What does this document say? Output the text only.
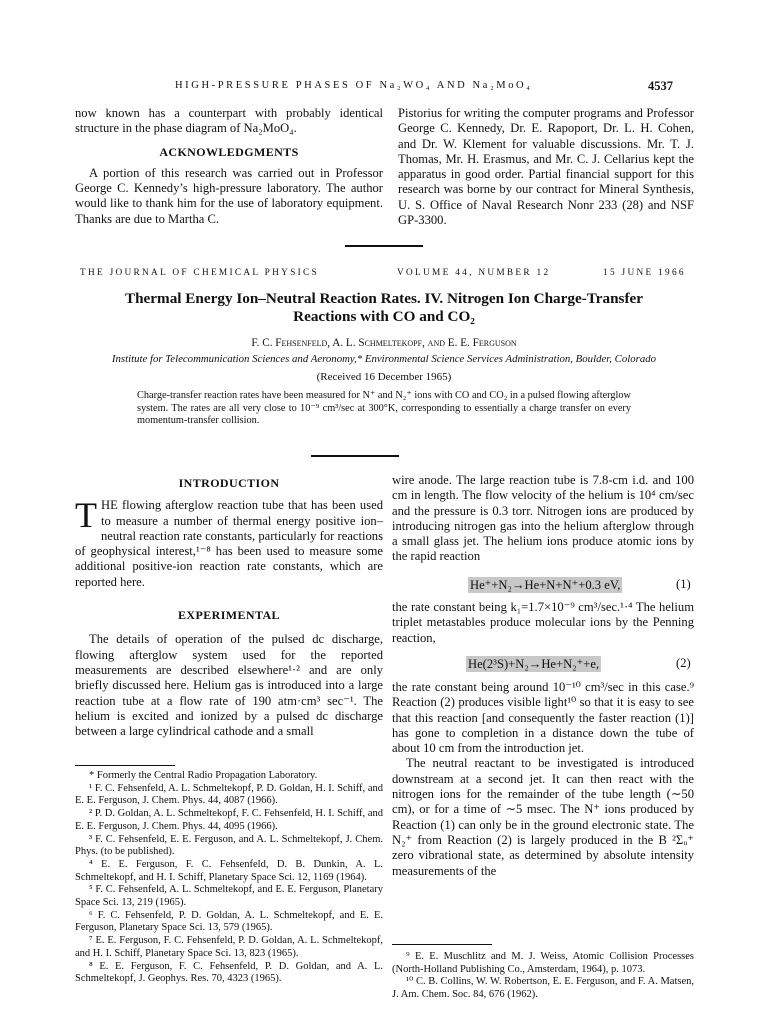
HIGH-PRESSURE PHASES OF Na₂WO₄ AND Na₂MoO₄	4537

now known has a counterpart with probably identical structure in the phase diagram of Na₂MoO₄.

ACKNOWLEDGMENTS

A portion of this research was carried out in Professor George C. Kennedy’s high-pressure laboratory. The author would like to thank him for the use of laboratory equipment. Thanks are due to Martha C.

Pistorius for writing the computer programs and Professor George C. Kennedy, Dr. E. Rapoport, Dr. L. H. Cohen, and Dr. W. Klement for valuable discussions. Mr. T. J. Thomas, Mr. H. Erasmus, and Mr. C. J. Cellarius kept the apparatus in good order. Partial financial support for this research was borne by our contract for Mineral Synthesis, U. S. Office of Naval Research Nonr 233 (28) and NSF GP-3300.

THE JOURNAL OF CHEMICAL PHYSICS	VOLUME 44, NUMBER 12	15 JUNE 1966
Thermal Energy Ion–Neutral Reaction Rates. IV. Nitrogen Ion Charge-Transfer
Reactions with CO and CO₂
F. C. Fehsenfeld, A. L. Schmeltekopf, and E. E. Ferguson
Institute for Telecommunication Sciences and Aeronomy,* Environmental Science Services Administration, Boulder, Colorado
(Received 16 December 1965)
Charge-transfer reaction rates have been measured for N⁺ and N₂⁺ ions with CO and CO₂ in a pulsed flowing afterglow system. The rates are all very close to 10⁻⁹ cm³/sec at 300°K, corresponding to essentially a charge transfer on every momentum-transfer collision.

INTRODUCTION

THE flowing afterglow reaction tube that has been used to measure a number of thermal energy positive ion–neutral reaction rate constants, particularly for reactions of geophysical interest,¹⁻⁸ has been used to measure some additional positive-ion reaction rate constants, which are reported here.

EXPERIMENTAL

The details of operation of the pulsed dc discharge, flowing afterglow system used for the reported measurements are described elsewhere¹·² and are only briefly discussed here. Helium gas is introduced into a large reaction tube at a flow rate of 190 atm·cm³ sec⁻¹. The helium is excited and ionized by a pulsed dc discharge between a large cylindrical cathode and a small

* Formerly the Central Radio Propagation Laboratory.

¹ F. C. Fehsenfeld, A. L. Schmeltekopf, P. D. Goldan, H. I. Schiff, and E. E. Ferguson, J. Chem. Phys. 44, 4087 (1966).

² P. D. Goldan, A. L. Schmeltekopf, F. C. Fehsenfeld, H. I. Schiff, and E. E. Ferguson, J. Chem. Phys. 44, 4095 (1966).

³ F. C. Fehsenfeld, E. E. Ferguson, and A. L. Schmeltekopf, J. Chem. Phys. (to be published).

⁴ E. E. Ferguson, F. C. Fehsenfeld, D. B. Dunkin, A. L. Schmeltekopf, and H. I. Schiff, Planetary Space Sci. 12, 1169 (1964).

⁵ F. C. Fehsenfeld, A. L. Schmeltekopf, and E. E. Ferguson, Planetary Space Sci. 13, 219 (1965).

⁶ F. C. Fehsenfeld, P. D. Goldan, A. L. Schmeltekopf, and E. E. Ferguson, Planetary Space Sci. 13, 579 (1965).

⁷ E. E. Ferguson, F. C. Fehsenfeld, P. D. Goldan, A. L. Schmeltekopf, and H. I. Schiff, Planetary Space Sci. 13, 823 (1965).

⁸ E. E. Ferguson, F. C. Fehsenfeld, P. D. Goldan, and A. L. Schmeltekopf, J. Geophys. Res. 70, 4323 (1965).

wire anode. The large reaction tube is 7.8-cm i.d. and 100 cm in length. The flow velocity of the helium is 10⁴ cm/sec and the pressure is 0.3 torr. Nitrogen ions are produced by introducing nitrogen gas into the helium afterglow through a small glass jet. The helium ions produce atomic ions by the rapid reaction

He⁺+N₂→He+N+N⁺+0.3 eV,	(1)

the rate constant being k₁=1.7×10⁻⁹ cm³/sec.¹·⁴ The helium triplet metastables produce molecular ions by the Penning reaction,

He(2³S)+N₂→He+N₂⁺+e,	(2)

the rate constant being around 10⁻¹⁰ cm³/sec in this case.⁹ Reaction (2) produces visible light¹⁰ so that it is easy to see that this reaction [and consequently the faster reaction (1)] has gone to completion in a distance down the tube of about 10 cm from the introduction jet.

The neutral reactant to be investigated is introduced downstream at a second jet. It can then react with the nitrogen ions for the remainder of the tube length (∼50 cm), or for a time of ∼5 msec. The N⁺ ions produced by Reaction (1) can only be in the ground electronic state. The N₂⁺ from Reaction (2) is largely produced in the B ²Σᵤ⁺ zero vibrational state, as determined by absolute intensity measurements of the

⁹ E. E. Muschlitz and M. J. Weiss, Atomic Collision Processes (North-Holland Publishing Co., Amsterdam, 1964), p. 1073.

¹⁰ C. B. Collins, W. W. Robertson, E. E. Ferguson, and F. A. Matsen, J. Am. Chem. Soc. 84, 676 (1962).
